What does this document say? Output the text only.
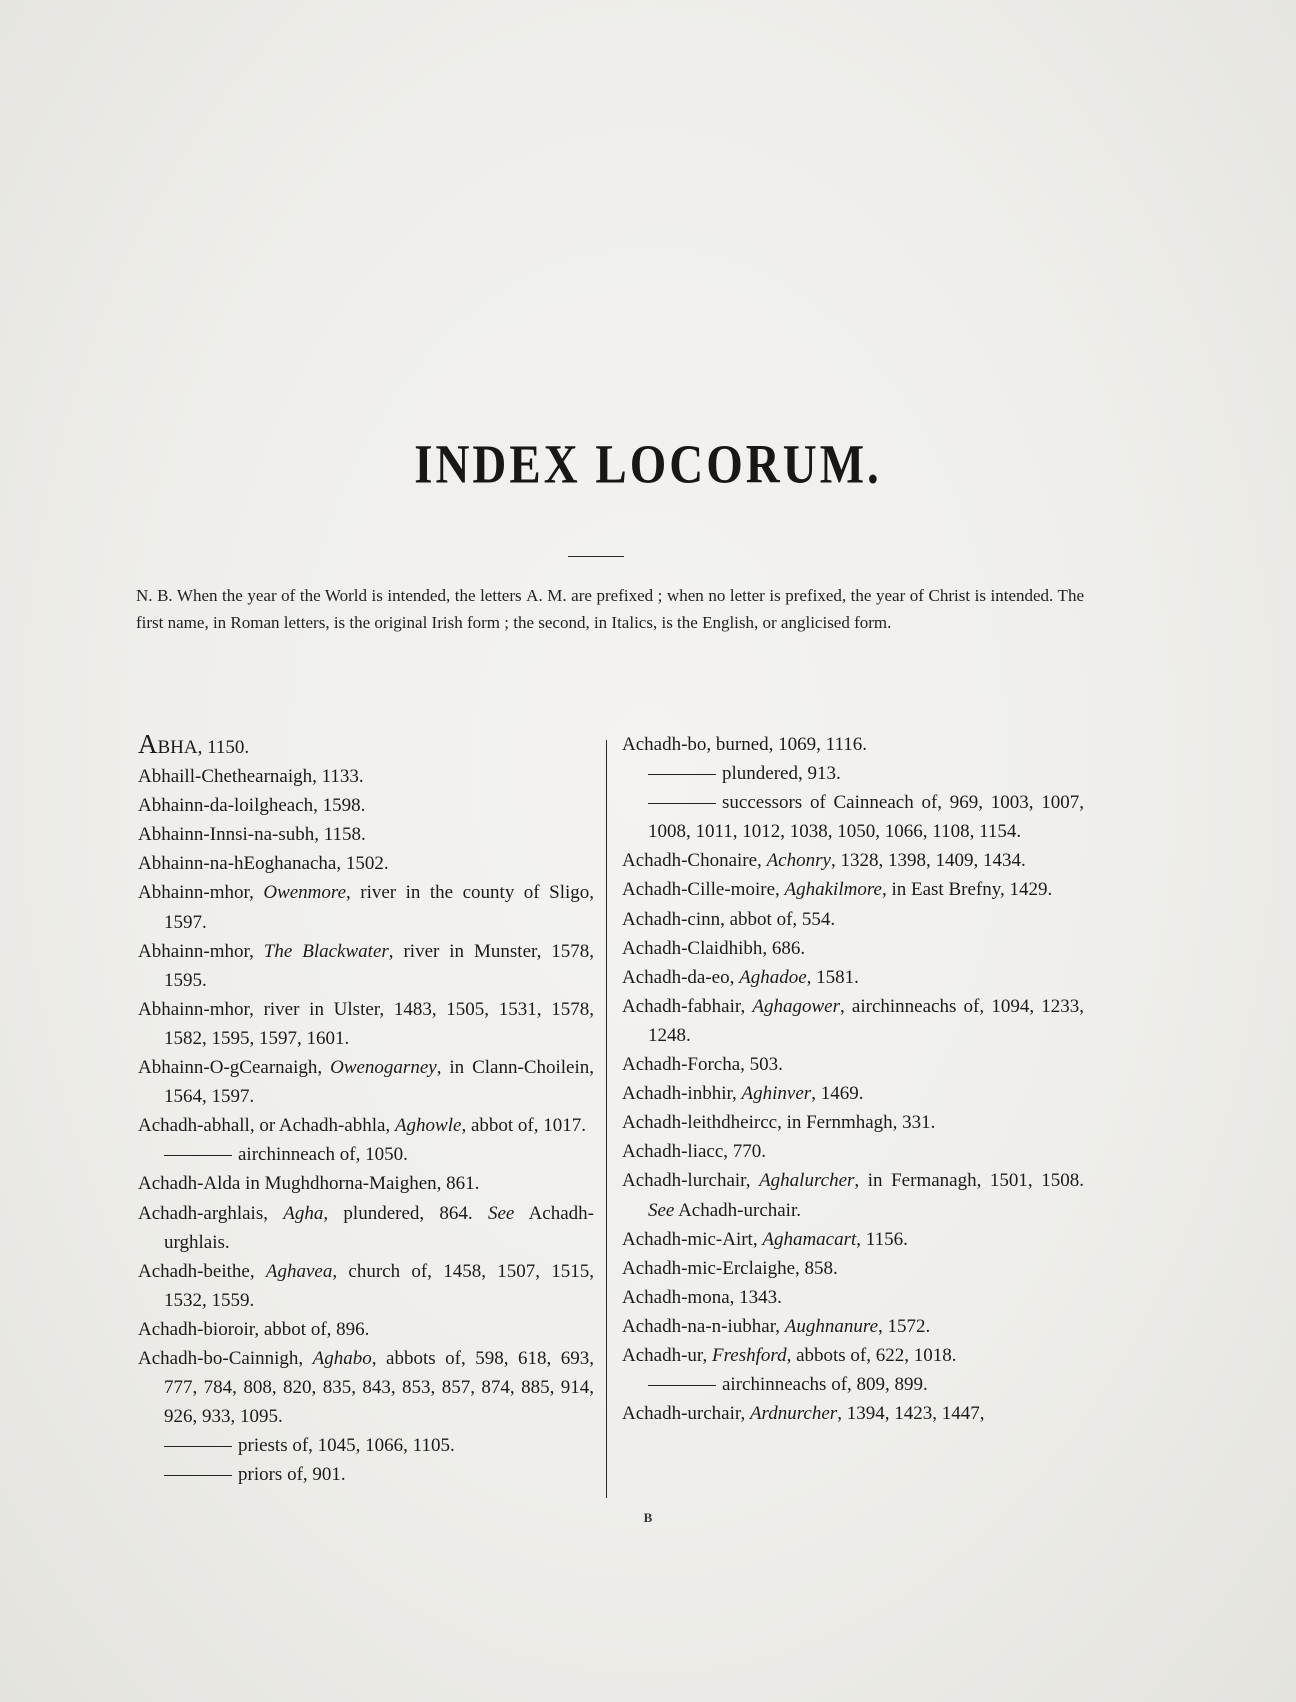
INDEX LOCORUM.
N. B. When the year of the World is intended, the letters A. M. are prefixed ; when no letter is prefixed, the year of Christ is intended. The first name, in Roman letters, is the original Irish form ; the second, in Italics, is the English, or anglicised form.
ABHA, 1150.
Abhaill-Chethearnaigh, 1133.
Abhainn-da-loilgheach, 1598.
Abhainn-Innsi-na-subh, 1158.
Abhainn-na-hEoghanacha, 1502.
Abhainn-mhor, Owenmore, river in the county of Sligo, 1597.
Abhainn-mhor, The Blackwater, river in Munster, 1578, 1595.
Abhainn-mhor, river in Ulster, 1483, 1505, 1531, 1578, 1582, 1595, 1597, 1601.
Abhainn-O-gCearnaigh, Owenogarney, in Clann-Choilein, 1564, 1597.
Achadh-abhall, or Achadh-abhla, Aghowle, abbot of, 1017.
airchinneach of, 1050.
Achadh-Alda in Mughdhorna-Maighen, 861.
Achadh-arghlais, Agha, plundered, 864. See Achadh-urghlais.
Achadh-beithe, Aghavea, church of, 1458, 1507, 1515, 1532, 1559.
Achadh-bioroir, abbot of, 896.
Achadh-bo-Cainnigh, Aghabo, abbots of, 598, 618, 693, 777, 784, 808, 820, 835, 843, 853, 857, 874, 885, 914, 926, 933, 1095.
priests of, 1045, 1066, 1105.
priors of, 901.
Achadh-bo, burned, 1069, 1116.
plundered, 913.
successors of Cainneach of, 969, 1003, 1007, 1008, 1011, 1012, 1038, 1050, 1066, 1108, 1154.
Achadh-Chonaire, Achonry, 1328, 1398, 1409, 1434.
Achadh-Cille-moire, Aghakilmore, in East Brefny, 1429.
Achadh-cinn, abbot of, 554.
Achadh-Claidhibh, 686.
Achadh-da-eo, Aghadoe, 1581.
Achadh-fabhair, Aghagower, airchinneachs of, 1094, 1233, 1248.
Achadh-Forcha, 503.
Achadh-inbhir, Aghinver, 1469.
Achadh-leithdheircc, in Fernmhagh, 331.
Achadh-liacc, 770.
Achadh-lurchair, Aghalurcher, in Fermanagh, 1501, 1508. See Achadh-urchair.
Achadh-mic-Airt, Aghamacart, 1156.
Achadh-mic-Erclaighe, 858.
Achadh-mona, 1343.
Achadh-na-n-iubhar, Aughnanure, 1572.
Achadh-ur, Freshford, abbots of, 622, 1018.
airchinneachs of, 809, 899.
Achadh-urchair, Ardnurcher, 1394, 1423, 1447,
B
